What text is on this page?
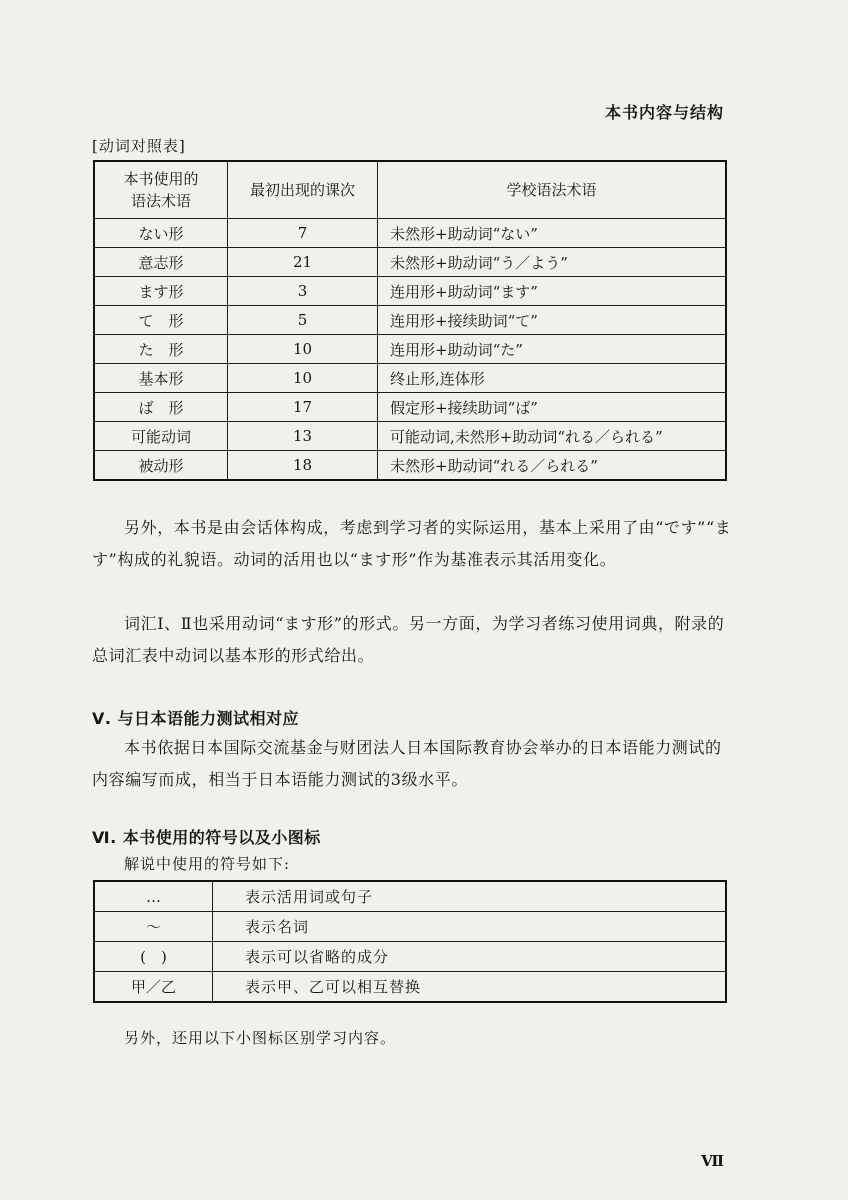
本书内容与结构
[动词对照表]
本书使用的
语法术语	最初出现的课次	学校语法术语
ない形	7	未然形+助动词“ない”
意志形	21	未然形+助动词“う／よう”
ます形	3	连用形+助动词“ます”
て　形	5	连用形+接续助词“て”
た　形	10	连用形+助动词“た”
基本形	10	终止形,连体形
ば　形	17	假定形+接续助词“ば”
可能动词	13	可能动词,未然形+助动词“れる／られる”
被动形	18	未然形+助动词“れる／られる”

另外，本书是由会话体构成，考虑到学习者的实际运用，基本上采用了由“です”“ます”构成的礼貌语。动词的活用也以“ます形”作为基准表示其活用变化。

词汇Ⅰ、Ⅱ也采用动词“ます形”的形式。另一方面，为学习者练习使用词典，附录的总词汇表中动词以基本形的形式给出。

Ⅴ. 与日本语能力测试相对应

本书依据日本国际交流基金与财团法人日本国际教育协会举办的日本语能力测试的内容编写而成，相当于日本语能力测试的3级水平。

Ⅵ. 本书使用的符号以及小图标
解说中使用的符号如下:
…	表示活用词或句子
～	表示名词
(　)	表示可以省略的成分
甲／乙	表示甲、乙可以相互替换
另外，还用以下小图标区别学习内容。
Ⅶ
